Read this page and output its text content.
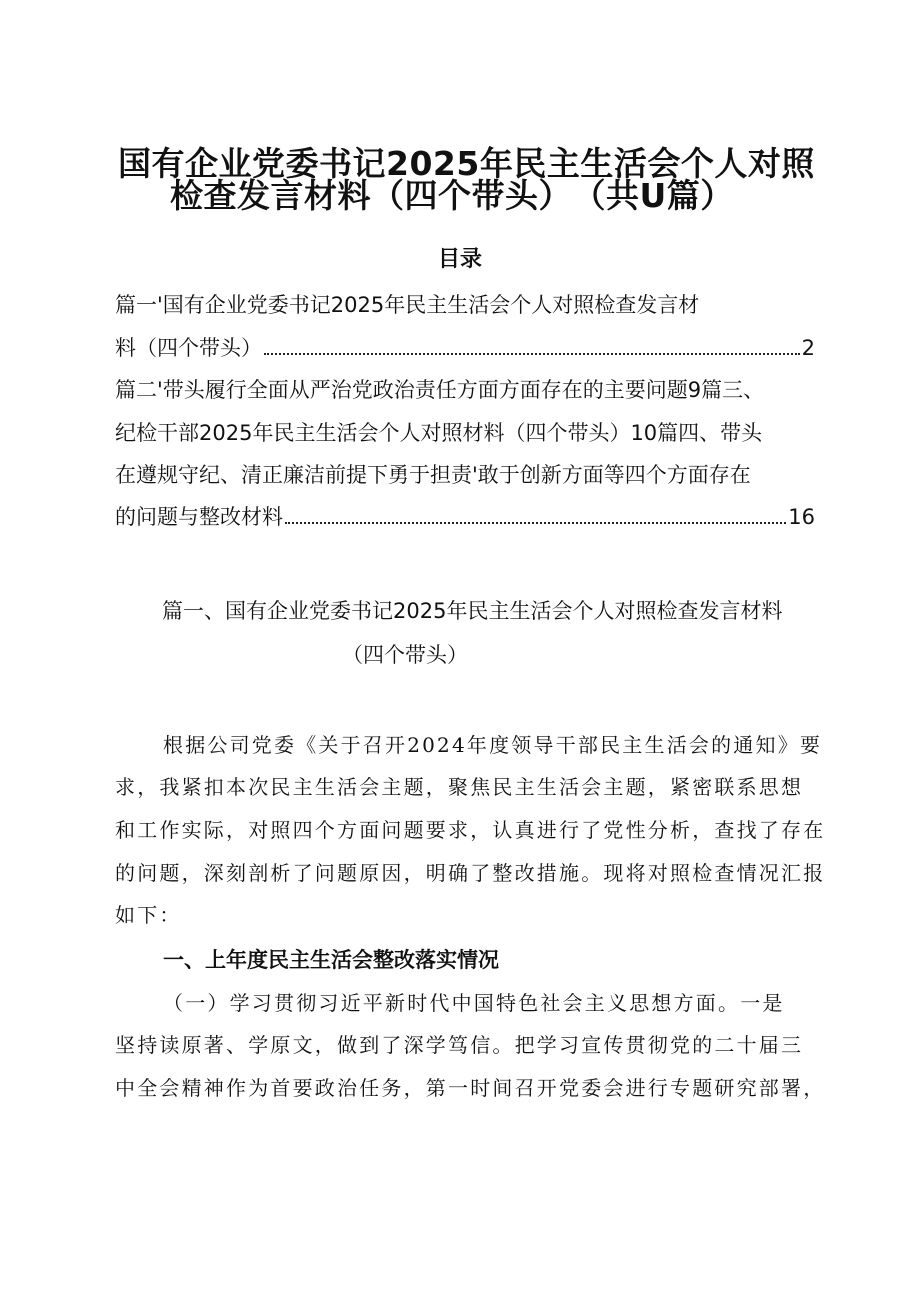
国有企业党委书记2025年民主生活会个人对照
检查发言材料（四个带头）　（共U篇）
目录
篇一'国有企业党委书记2025年民主生活会个人对照检查发言材
料（四个带头）	2
篇二'带头履行全面从严治党政治责任方面方面存在的主要问题9篇三、
纪检干部2025年民主生活会个人对照材料（四个带头）10篇四、带头
在遵规守纪、清正廉洁前提下勇于担责'敢于创新方面等四个方面存在
的问题与整改材料	16
篇一、国有企业党委书记2025年民主生活会个人对照检查发言材料
（四个带头）
根据公司党委《关于召开2024年度领导干部民主生活会的通知》要
求，我紧扣本次民主生活会主题，聚焦民主生活会主题，紧密联系思想
和工作实际，对照四个方面问题要求，认真进行了党性分析，查找了存在
的问题，深刻剖析了问题原因，明确了整改措施。现将对照检查情况汇报
如下：
一、上年度民主生活会整改落实情况
（一）学习贯彻习近平新时代中国特色社会主义思想方面。一是
坚持读原著、学原文，做到了深学笃信。把学习宣传贯彻党的二十届三
中全会精神作为首要政治任务，第一时间召开党委会进行专题研究部署，
